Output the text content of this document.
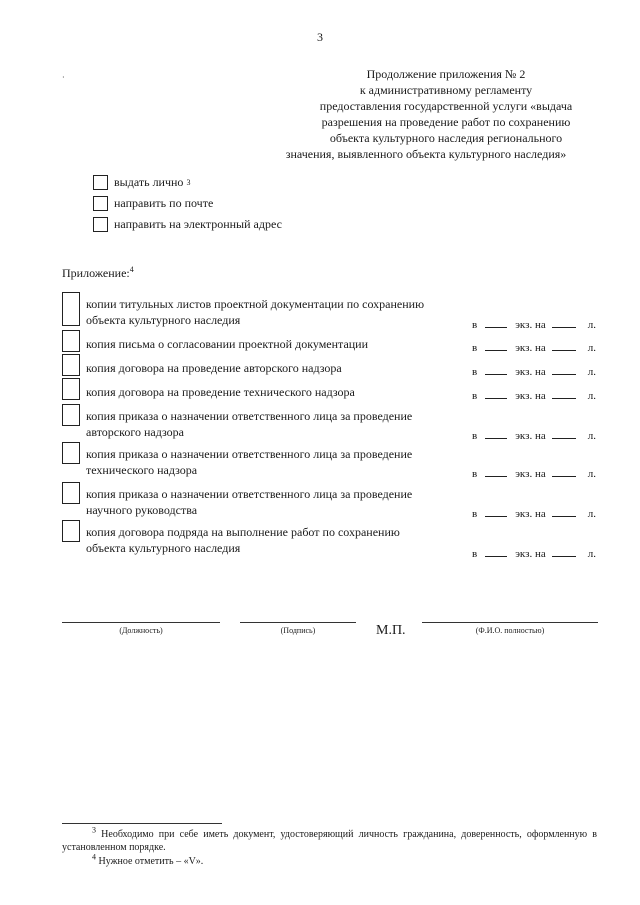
3
·	Продолжение приложения № 2
к административному регламенту
предоставления государственной услуги «выдача
разрешения на проведение работ по сохранению
объекта культурного наследия регионального
значения, выявленного объекта культурного наследия»
выдать лично 3
направить по почте
направить на электронный адрес
Приложение:$^4$
копии титульных листов проектной документации по сохранению
объекта культурного наследия	в	экз. на	л.
копия письма о согласовании проектной документации	в	экз. на	л.
копия договора на проведение авторского надзора	в	экз. на	л.
копия договора на проведение технического надзора	в	экз. на	л.
копия приказа о назначении ответственного лица за проведение
авторского надзора	в	экз. на	л.
копия приказа о назначении ответственного лица за проведение
технического надзора	в	экз. на	л.
копия приказа о назначении ответственного лица за проведение
научного руководства	в	экз. на	л.
копия договора подряда на выполнение работ по сохранению
объекта культурного наследия	в	экз. на	л.
(Должность)	(Подпись)	М.П.	(Ф.И.О. полностью)
$^3$ Необходимо при себе иметь документ, удостоверяющий личность гражданина, доверенность, оформленную в установленном порядке.
$^4$ Нужное отметить – «V».
